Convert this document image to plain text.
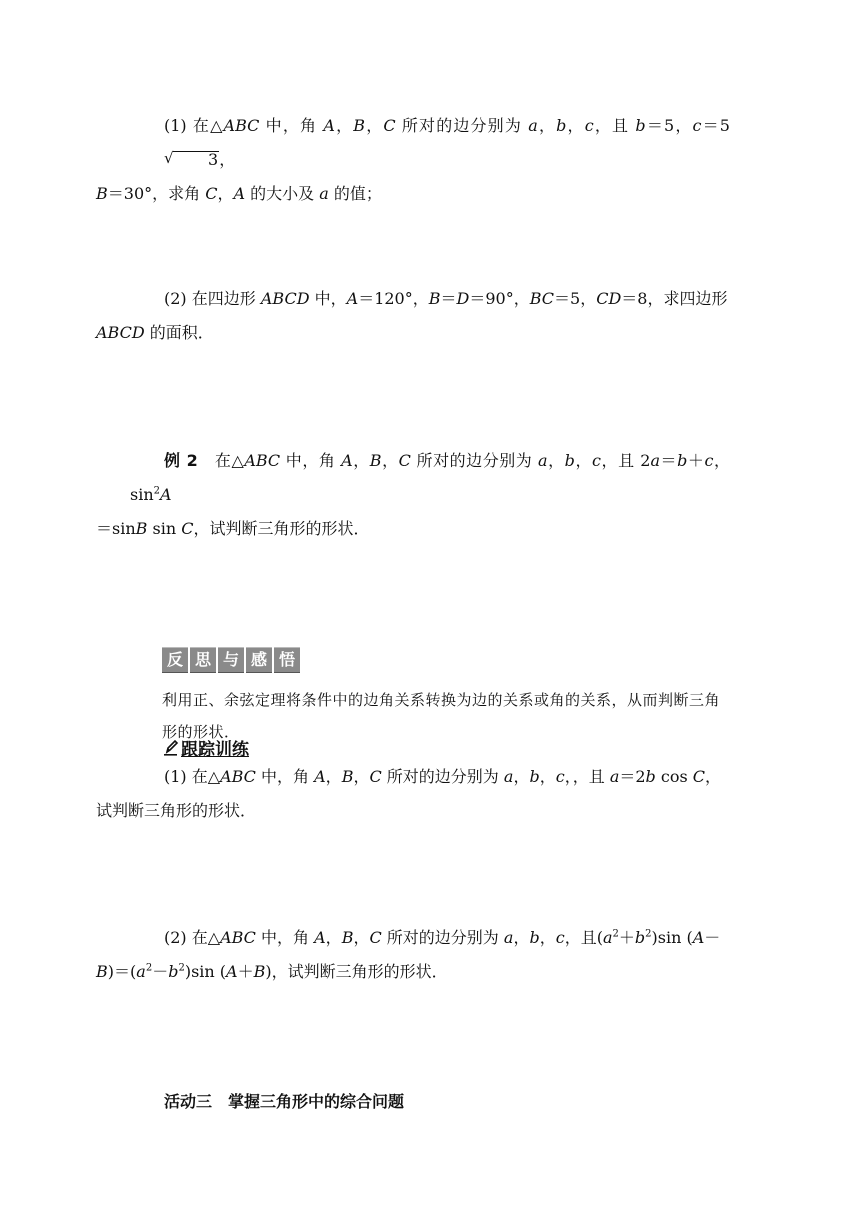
(1) 在△ABC 中，角 A，B，C 所对的边分别为 a，b，c，且 b＝5，c＝5
√ 3，
B＝30°，求角 C，A 的大小及 a 的值；
(2) 在四边形 ABCD 中，A＝120°，B＝D＝90°，BC＝5，CD＝8，求四边形
ABCD 的面积．
例 2　在△ABC 中，角 A，B，C 所对的边分别为 a，b，c，且 2a＝b＋c，$\sin^2A$
＝sinB sin C，试判断三角形的形状．
反 思 与 感 悟
利用正、余弦定理将条件中的边角关系转换为边的关系或角的关系，从而判断三角形的形状．
跟踪训练
(1) 在△ABC 中，角 A，B，C 所对的边分别为 a，b，c，，且 a＝2b cos C，
试判断三角形的形状．
(2) 在△ABC 中，角 A，B，C 所对的边分别为 a，b，c，且$(a^2+b^2)\sin$ (A－
$B)=(a^2-b^2)\sin$ (A＋B)，试判断三角形的形状．
活动三　掌握三角形中的综合问题
